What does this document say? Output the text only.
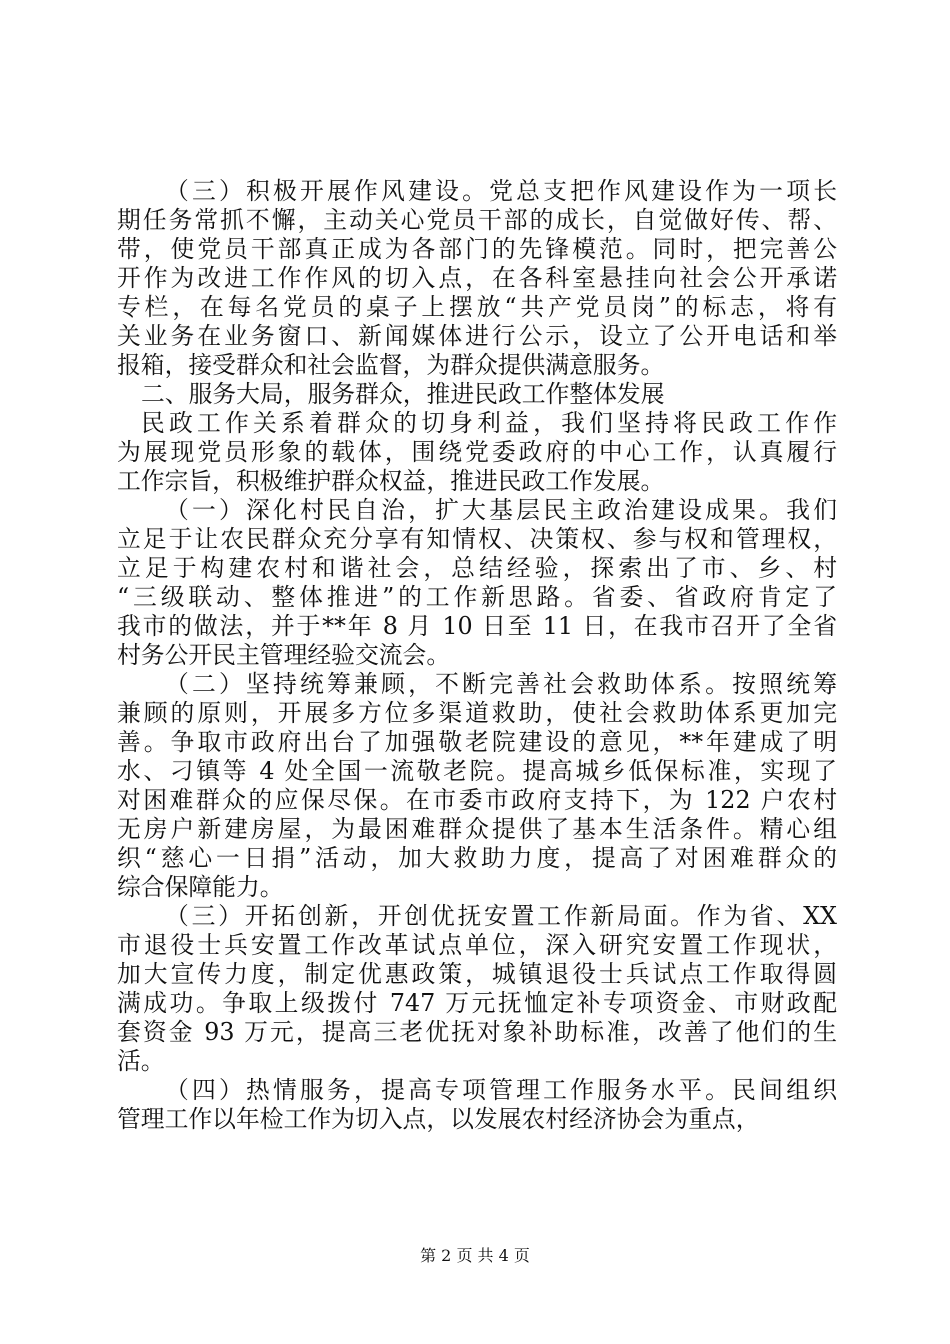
（三）积极开展作风建设。党总支把作风建设作为一项长
期任务常抓不懈，主动关心党员干部的成长，自觉做好传、帮、
带，使党员干部真正成为各部门的先锋模范。同时，把完善公
开作为改进工作作风的切入点，在各科室悬挂向社会公开承诺
专栏，在每名党员的桌子上摆放“共产党员岗”的标志，将有
关业务在业务窗口、新闻媒体进行公示，设立了公开电话和举
报箱，接受群众和社会监督，为群众提供满意服务。
二、服务大局，服务群众，推进民政工作整体发展
民政工作关系着群众的切身利益，我们坚持将民政工作作
为展现党员形象的载体，围绕党委政府的中心工作，认真履行
工作宗旨，积极维护群众权益，推进民政工作发展。
（一）深化村民自治，扩大基层民主政治建设成果。我们
立足于让农民群众充分享有知情权、决策权、参与权和管理权，
立足于构建农村和谐社会，总结经验，探索出了市、乡、村
“三级联动、整体推进”的工作新思路。省委、省政府肯定了
我市的做法，并于**年 8 月 10 日至 11 日，在我市召开了全省
村务公开民主管理经验交流会。
（二）坚持统筹兼顾，不断完善社会救助体系。按照统筹
兼顾的原则，开展多方位多渠道救助，使社会救助体系更加完
善。争取市政府出台了加强敬老院建设的意见，**年建成了明
水、刁镇等 4 处全国一流敬老院。提高城乡低保标准，实现了
对困难群众的应保尽保。在市委市政府支持下，为 122 户农村
无房户新建房屋，为最困难群众提供了基本生活条件。精心组
织“慈心一日捐”活动，加大救助力度，提高了对困难群众的
综合保障能力。
（三）开拓创新，开创优抚安置工作新局面。作为省、XX
市退役士兵安置工作改革试点单位，深入研究安置工作现状，
加大宣传力度，制定优惠政策，城镇退役士兵试点工作取得圆
满成功。争取上级拨付 747 万元抚恤定补专项资金、市财政配
套资金 93 万元，提高三老优抚对象补助标准，改善了他们的生
活。
第 2 页 共 4 页
（四）热情服务，提高专项管理工作服务水平。民间组织
管理工作以年检工作为切入点，以发展农村经济协会为重点，
